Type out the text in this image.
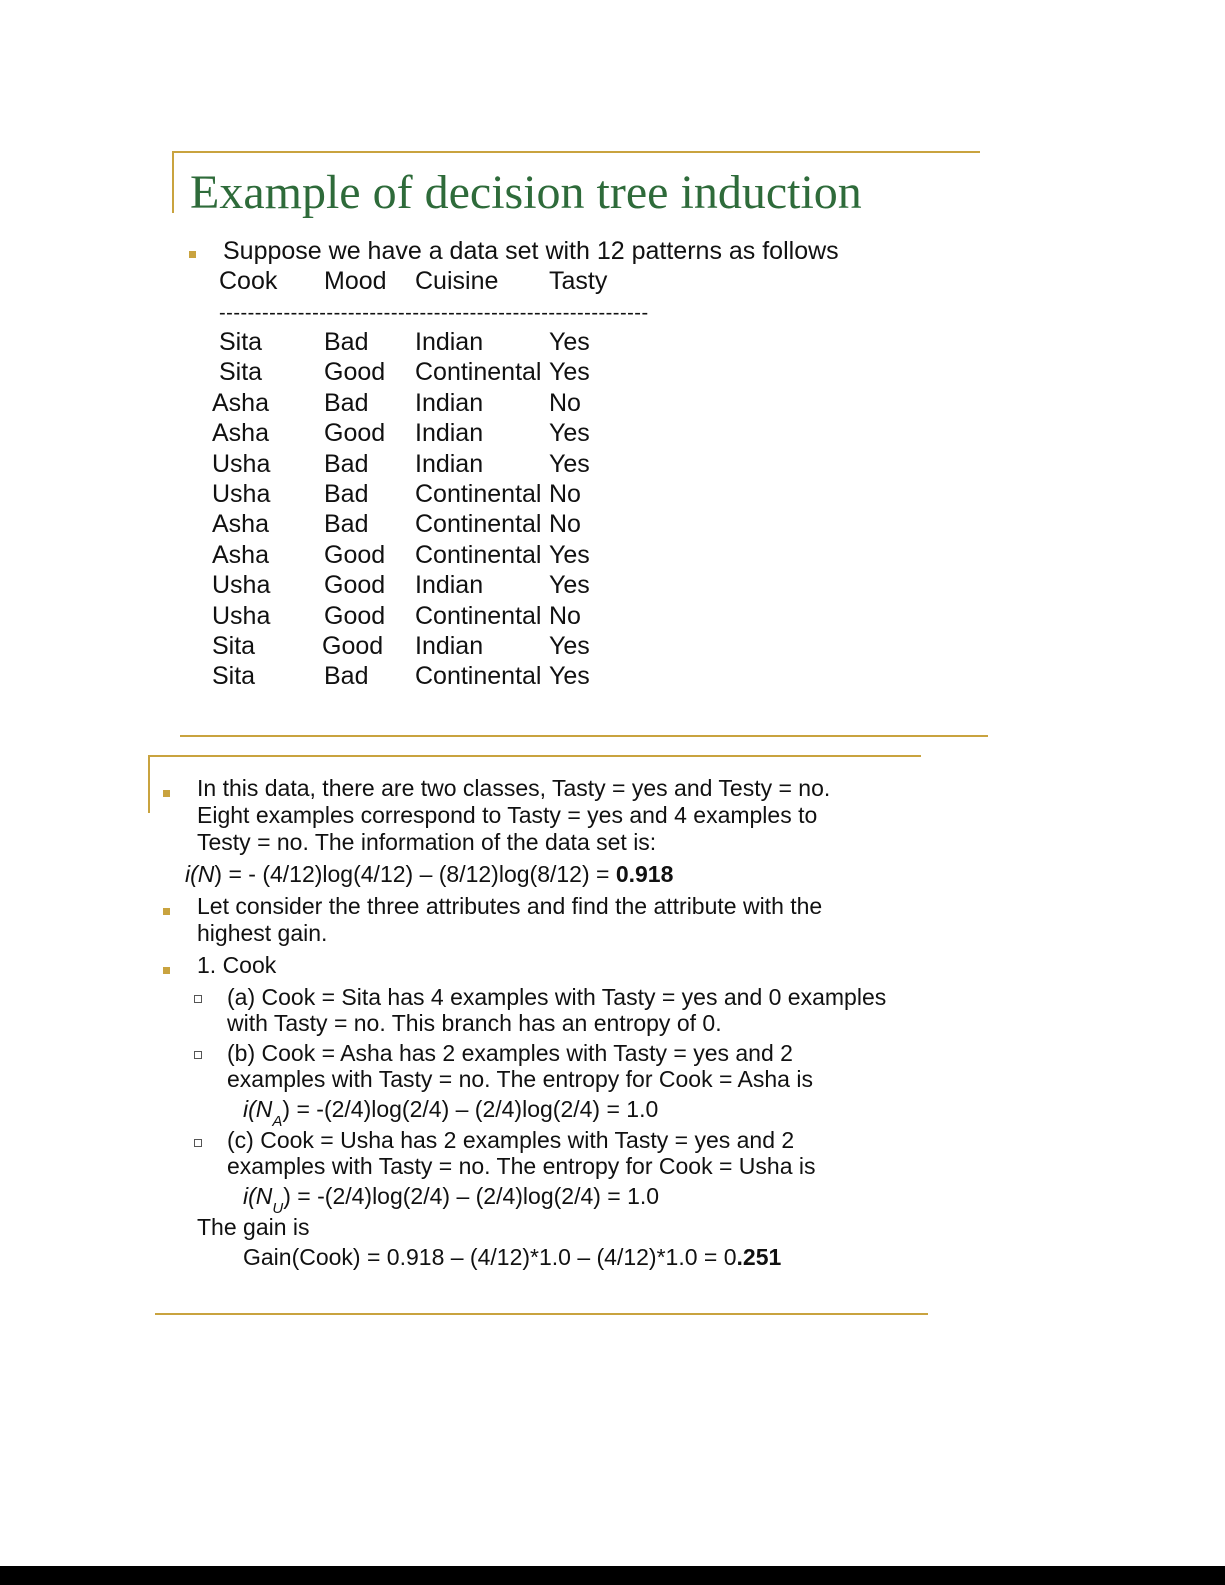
Example of decision tree induction
Suppose we have a data set with 12 patterns as follows
Cook Mood Cuisine Tasty
------------------------------------------------------------
Sita Bad Indian	Yes
Sita Good Continental Yes
Asha Bad Indian	No
Asha Good Indian	Yes
Usha Bad Indian	Yes
Usha Bad Continental No
Asha Bad Continental No
Asha Good Continental Yes
Usha Good Indian	Yes
Usha Good Continental No
Sita	Good Indian	Yes
Sita	Bad Continental Yes
In this data, there are two classes, Tasty = yes and Testy = no.
Eight examples correspond to Tasty = yes and 4 examples to
Testy = no. The information of the data set is:
i(N) = - (4/12)log(4/12) – (8/12)log(8/12) = 0.918
Let consider the three attributes and find the attribute with the
highest gain.
1. Cook
(a) Cook = Sita has 4 examples with Tasty = yes and 0 examples
with Tasty = no. This branch has an entropy of 0.
(b) Cook = Asha has 2 examples with Tasty = yes and 2
examples with Tasty = no. The entropy for Cook = Asha is
$i(N_A) = -(2/4)\log(2/4) - (2/4)\log(2/4) = 1.0$
(c) Cook = Usha has 2 examples with Tasty = yes and 2
examples with Tasty = no. The entropy for Cook = Usha is
$i(N_U) = -(2/4)\log(2/4) - (2/4)\log(2/4) = 1.0$
The gain is
Gain(Cook) = 0.918 – (4/12)*1.0 – (4/12)*1.0 = 0.251
